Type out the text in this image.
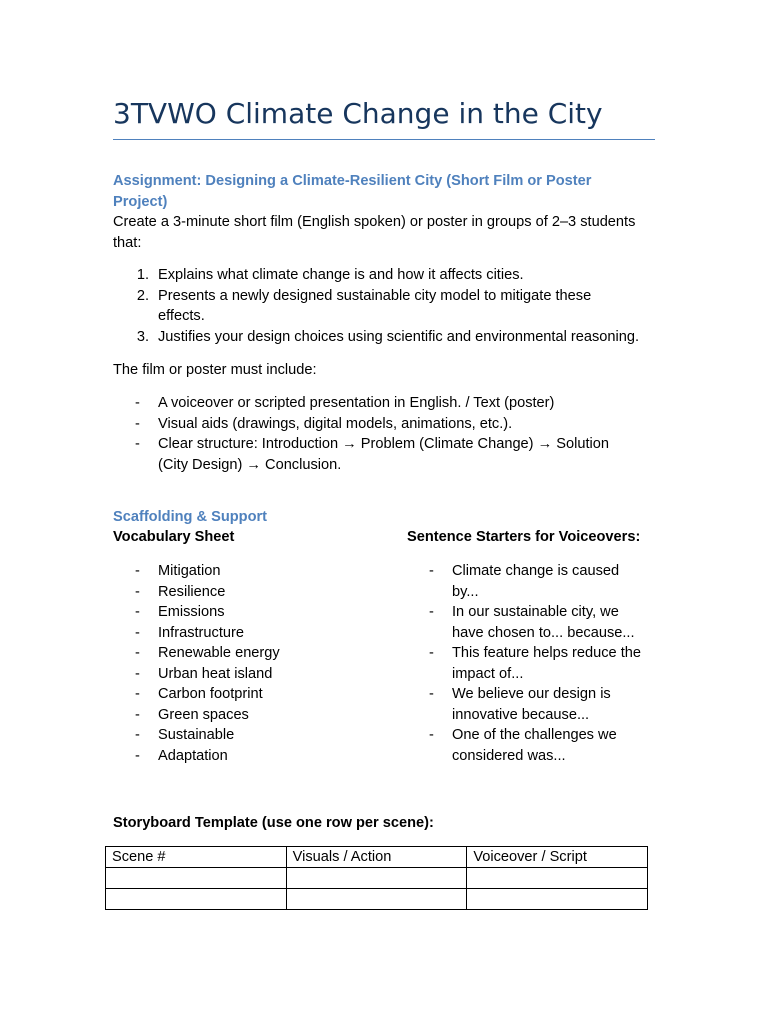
3TVWO Climate Change in the City

Assignment: Designing a Climate-Resilient City (Short Film or Poster
Project)

Create a 3-minute short film (English spoken) or poster in groups of 2–3 students
that:

1. Explains what climate change is and how it affects cities.
2. Presents a newly designed sustainable city model to mitigate these
effects.
3. Justifies your design choices using scientific and environmental reasoning.

The film or poster must include:

- A voiceover or scripted presentation in English. / Text (poster)
- Visual aids (drawings, digital models, animations, etc.).
- Clear structure: Introduction → Problem (Climate Change) → Solution
(City Design) → Conclusion.

Scaffolding & Support

Vocabulary Sheet	Sentence Starters for Voiceovers:

- Mitigation
- Resilience
- Emissions
- Infrastructure
- Renewable energy
- Urban heat island
- Carbon footprint
- Green spaces
- Sustainable
- Adaptation
- Climate change is caused
by...
- In our sustainable city, we
have chosen to... because...
- This feature helps reduce the
impact of...
- We believe our design is
innovative because...
- One of the challenges we
considered was...

Storyboard Template (use one row per scene):

Scene #	Visuals / Action	Voiceover / Script
